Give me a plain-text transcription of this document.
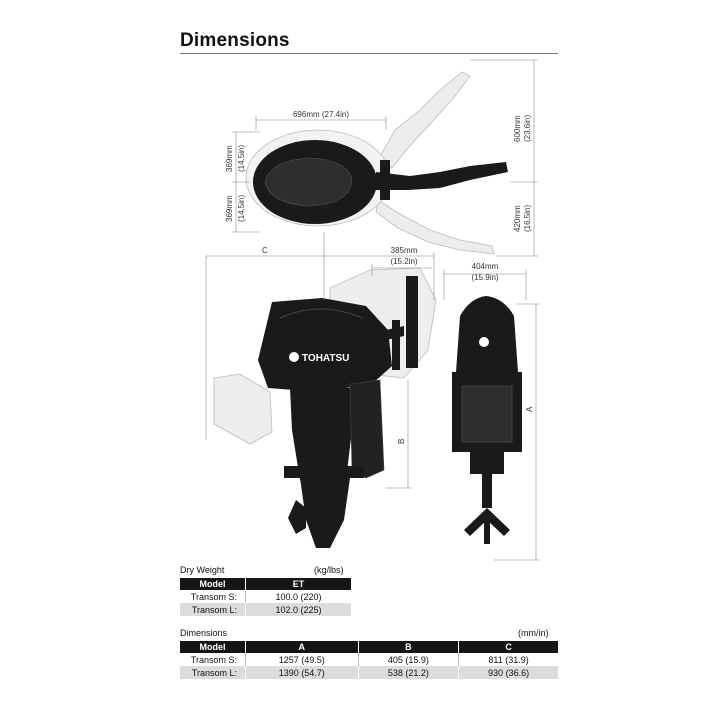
Dimensions
696mm (27.4in)
369mm (14.5in)
369mm (14.5in)
600mm (23.6in)
420mm (16.5in)
TOHATSU
C	385mm
(15.2in)
B
404mm
(15.9in)
A
Dry Weight	(kg/lbs)
Model	ET
Transom S:	100.0 (220)
Transom L:	102.0 (225)
Dimensions	(mm/in)
Model	A	B	C
Transom S:	1257 (49.5)	405 (15.9)	811 (31.9)
Transom L:	1390 (54.7)	538 (21.2)	930 (36.6)
